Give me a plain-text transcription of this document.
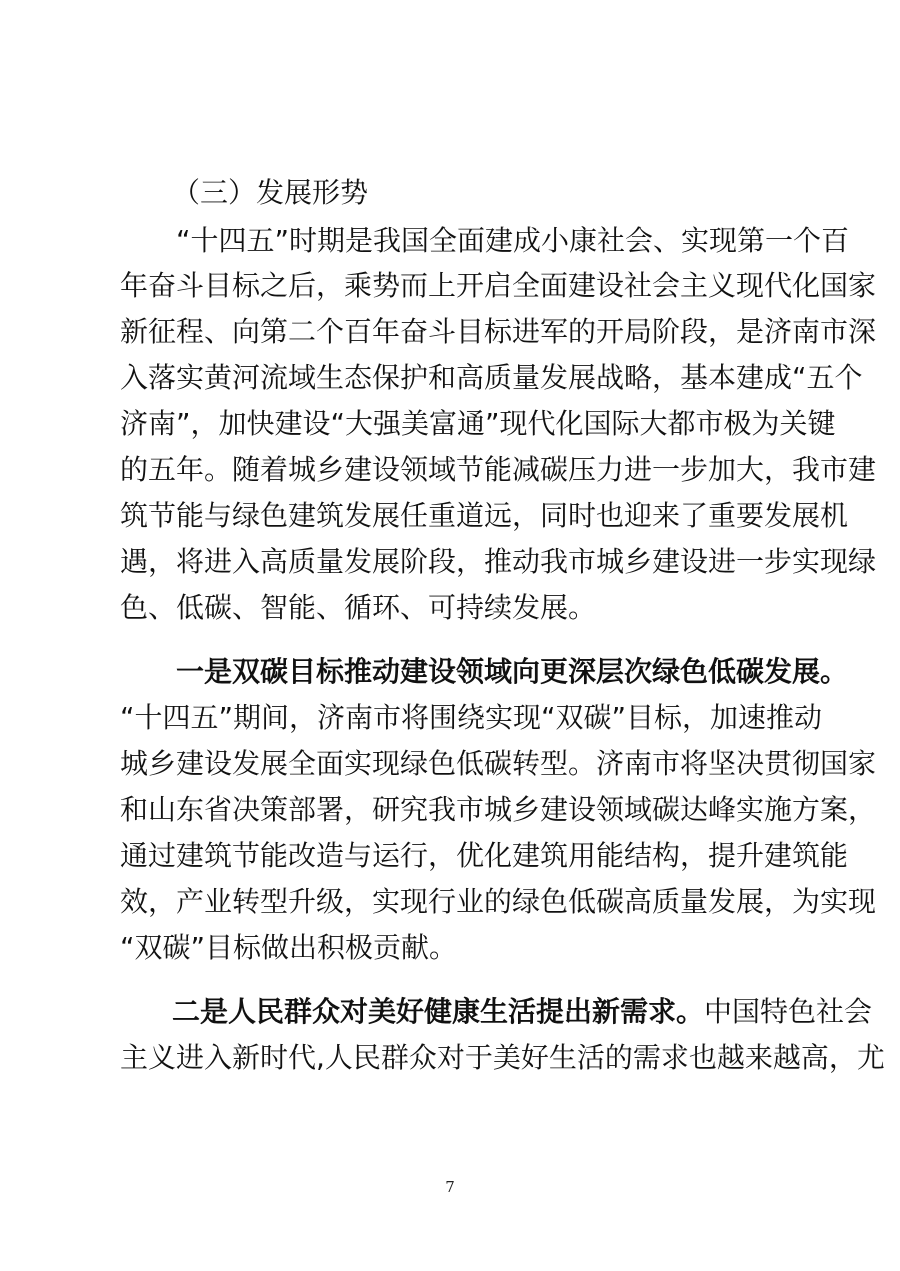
（三）发展形势
“十四五”时期是我国全面建成小康社会、实现第一个百
年奋斗目标之后，乘势而上开启全面建设社会主义现代化国家
新征程、向第二个百年奋斗目标进军的开局阶段，是济南市深
入落实黄河流域生态保护和高质量发展战略，基本建成“五个
济南”，加快建设“大强美富通”现代化国际大都市极为关键
的五年。随着城乡建设领域节能减碳压力进一步加大，我市建
筑节能与绿色建筑发展任重道远，同时也迎来了重要发展机
遇，将进入高质量发展阶段，推动我市城乡建设进一步实现绿
色、低碳、智能、循环、可持续发展。
一是双碳目标推动建设领域向更深层次绿色低碳发展。
“十四五”期间，济南市将围绕实现“双碳”目标，加速推动
城乡建设发展全面实现绿色低碳转型。济南市将坚决贯彻国家
和山东省决策部署，研究我市城乡建设领域碳达峰实施方案，
通过建筑节能改造与运行，优化建筑用能结构，提升建筑能
效，产业转型升级，实现行业的绿色低碳高质量发展，为实现
“双碳”目标做出积极贡献。
二是人民群众对美好健康生活提出新需求。 中国特色社会
主义进入新时代,人民群众对于美好生活的需求也越来越高，尤
7
